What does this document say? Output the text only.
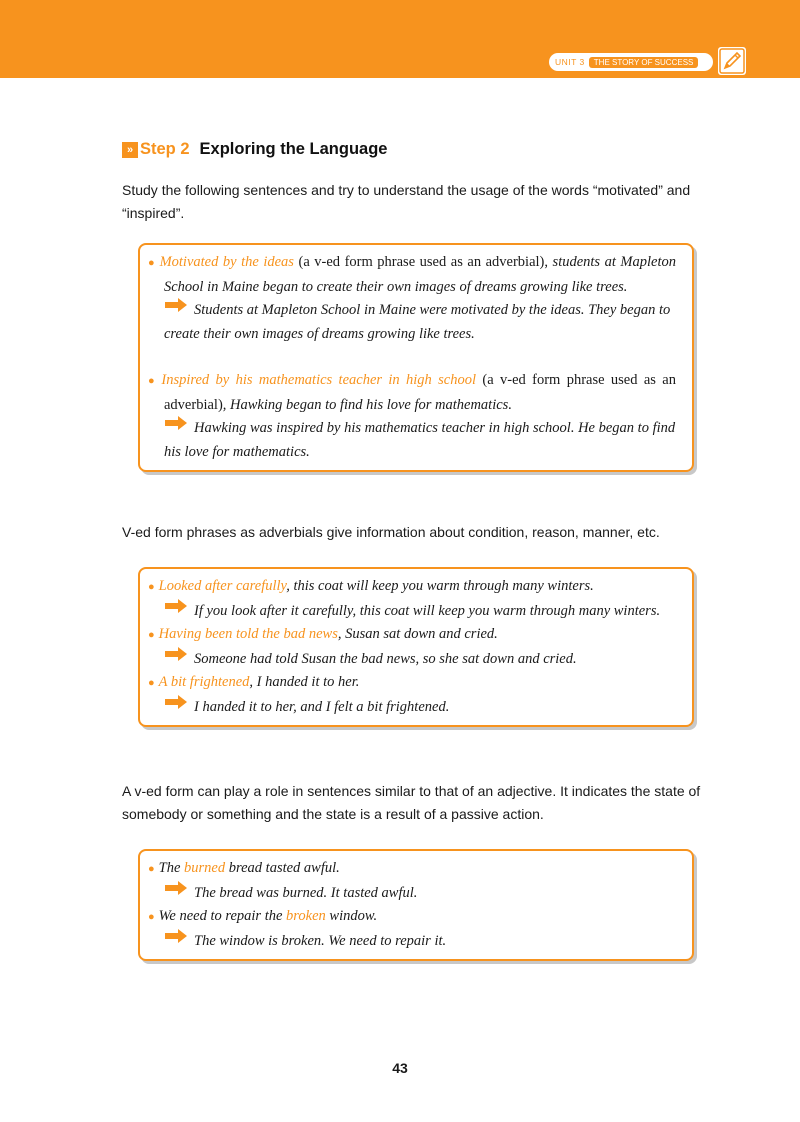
UNIT 3	THE STORY OF SUCCESS
» Step 2 Exploring the Language
Study the following sentences and try to understand the usage of the words “motivated” and “inspired”.

● Motivated by the ideas (a v-ed form phrase used as an adverbial), students at Mapleton School in Maine began to create their own images of dreams growing like trees.

Students at Mapleton School in Maine were motivated by the ideas. They began to create their own images of dreams growing like trees.

● Inspired by his mathematics teacher in high school (a v-ed form phrase used as an adverbial), Hawking began to find his love for mathematics.

Hawking was inspired by his mathematics teacher in high school. He began to find his love for mathematics.

V-ed form phrases as adverbials give information about condition, reason, manner, etc.

● Looked after carefully, this coat will keep you warm through many winters.

If you look after it carefully, this coat will keep you warm through many winters.

● Having been told the bad news, Susan sat down and cried.

Someone had told Susan the bad news, so she sat down and cried.

● A bit frightened, I handed it to her.

I handed it to her, and I felt a bit frightened.

A v-ed form can play a role in sentences similar to that of an adjective. It indicates the state of somebody or something and the state is a result of a passive action.

● The burned bread tasted awful.

The bread was burned. It tasted awful.

● We need to repair the broken window.

The window is broken. We need to repair it.

43
